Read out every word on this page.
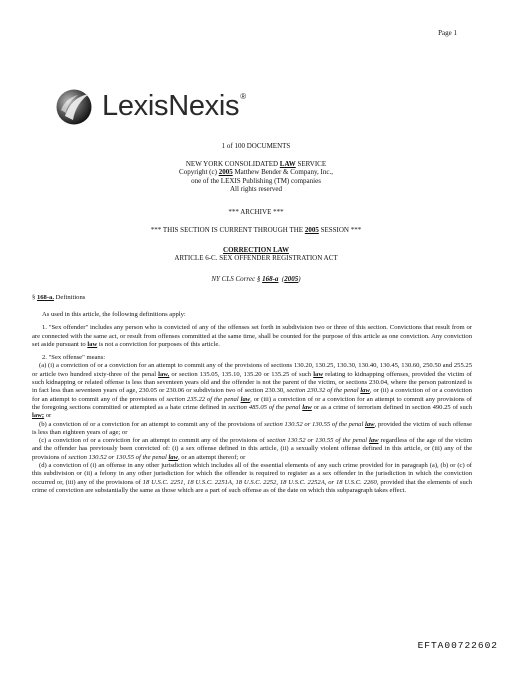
Page 1
LexisNexis®
1 of 100 DOCUMENTS
NEW YORK CONSOLIDATED LAW SERVICE
Copyright (c) 2005 Matthew Bender & Company, Inc.,
one of the LEXIS Publishing (TM) companies
All rights reserved
*** ARCHIVE ***
*** THIS SECTION IS CURRENT THROUGH THE 2005 SESSION ***
CORRECTION LAW
ARTICLE 6-C. SEX OFFENDER REGISTRATION ACT
NY CLS Correc § 168-a  (2005)
§ 168-a. Definitions

As used in this article, the following definitions apply:

1. "Sex offender" includes any person who is convicted of any of the offenses set forth in subdivision two or three of this section. Convictions that result from or are connected with the same act, or result from offenses committed at the same time, shall be counted for the purpose of this article as one conviction. Any conviction set aside pursuant to law is not a conviction for purposes of this article.

2. "Sex offense" means:

(a) (i) a conviction of or a conviction for an attempt to commit any of the provisions of sections 130.20, 130.25, 130.30, 130.40, 130.45, 130.60, 250.50 and 255.25 or article two hundred sixty-three of the penal law, or section 135.05, 135.10, 135.20 or 135.25 of such law relating to kidnapping offenses, provided the victim of such kidnapping or related offense is less than seventeen years old and the offender is not the parent of the victim, or sections 230.04, where the person patronized is in fact less than seventeen years of age, 230.05 or 230.06 or subdivision two of section 230.30, section 230.32 of the penal law, or (ii) a conviction of or a conviction for an attempt to commit any of the provisions of section 235.22 of the penal law, or (iii) a conviction of or a conviction for an attempt to commit any provisions of the foregoing sections committed or attempted as a hate crime defined in section 485.05 of the penal law or as a crime of terrorism defined in section 490.25 of such law; or

(b) a conviction of or a conviction for an attempt to commit any of the provisions of section 130.52 or 130.55 of the penal law, provided the victim of such offense is less than eighteen years of age; or

(c) a conviction of or a conviction for an attempt to commit any of the provisions of section 130.52 or 130.55 of the penal law regardless of the age of the victim and the offender has previously been convicted of: (i) a sex offense defined in this article, (ii) a sexually violent offense defined in this article, or (iii) any of the provisions of section 130.52 or 130.55 of the penal law, or an attempt thereof; or

(d) a conviction of (i) an offense in any other jurisdiction which includes all of the essential elements of any such crime provided for in paragraph (a), (b) or (c) of this subdivision or (ii) a felony in any other jurisdiction for which the offender is required to register as a sex offender in the jurisdiction in which the conviction occurred or, (iii) any of the provisions of 18 U.S.C. 2251, 18 U.S.C. 2251A, 18 U.S.C. 2252, 18 U.S.C. 2252A, or 18 U.S.C. 2260, provided that the elements of such crime of conviction are substantially the same as those which are a part of such offense as of the date on which this subparagraph takes effect.

EFTA00722602
